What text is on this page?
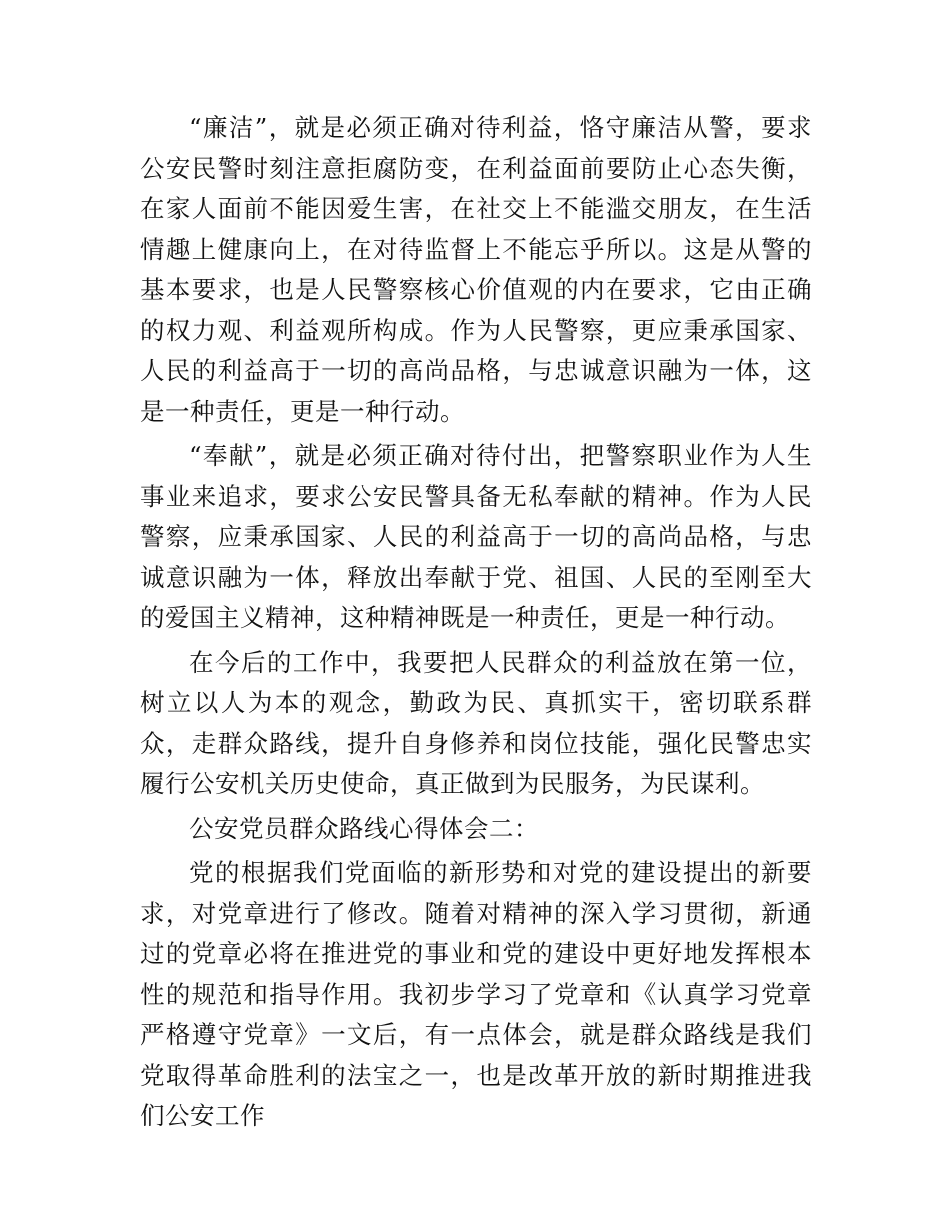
“廉洁”，就是必须正确对待利益，恪守廉洁从警，要求公安民警时刻注意拒腐防变，在利益面前要防止心态失衡，在家人面前不能因爱生害，在社交上不能滥交朋友，在生活情趣上健康向上，在对待监督上不能忘乎所以。这是从警的基本要求，也是人民警察核心价值观的内在要求，它由正确的权力观、利益观所构成。作为人民警察，更应秉承国家、人民的利益高于一切的高尚品格，与忠诚意识融为一体，这是一种责任，更是一种行动。

“奉献”，就是必须正确对待付出，把警察职业作为人生事业来追求，要求公安民警具备无私奉献的精神。作为人民警察，应秉承国家、人民的利益高于一切的高尚品格，与忠诚意识融为一体，释放出奉献于党、祖国、人民的至刚至大的爱国主义精神，这种精神既是一种责任，更是一种行动。

在今后的工作中，我要把人民群众的利益放在第一位，树立以人为本的观念，勤政为民、真抓实干，密切联系群众，走群众路线，提升自身修养和岗位技能，强化民警忠实履行公安机关历史使命，真正做到为民服务，为民谋利。

公安党员群众路线心得体会二：

党的根据我们党面临的新形势和对党的建设提出的新要求，对党章进行了修改。随着对精神的深入学习贯彻，新通过的党章必将在推进党的事业和党的建设中更好地发挥根本性的规范和指导作用。我初步学习了党章和《认真学习党章严格遵守党章》一文后，有一点体会，就是群众路线是我们党取得革命胜利的法宝之一，也是改革开放的新时期推进我们公安工作
